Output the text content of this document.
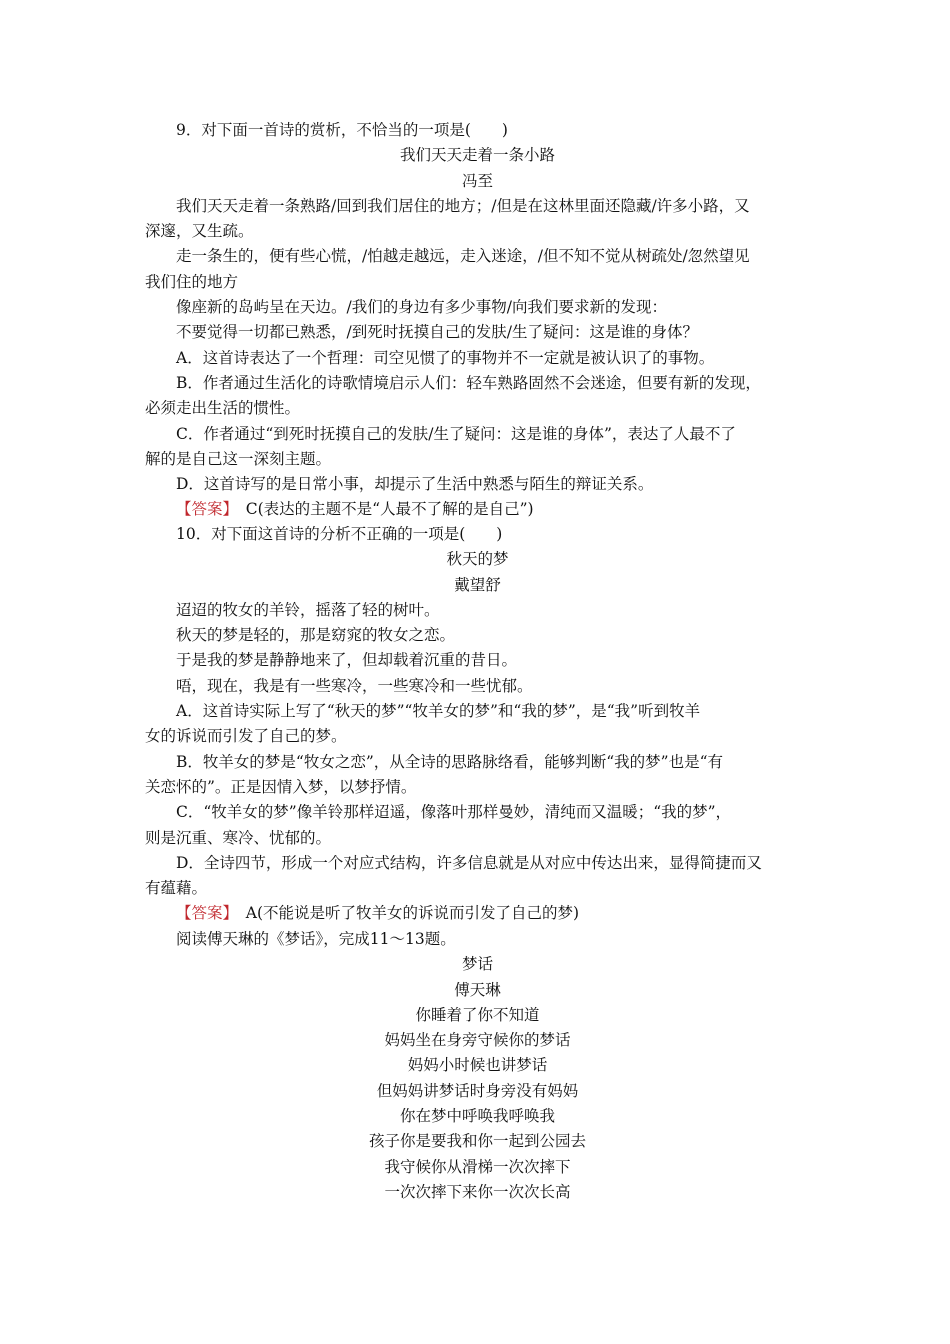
9．对下面一首诗的赏析，不恰当的一项是(　　)
我们天天走着一条小路
冯至
我们天天走着一条熟路/回到我们居住的地方；/但是在这林里面还隐藏/许多小路，又
深邃，又生疏。
走一条生的，便有些心慌，/怕越走越远，走入迷途，/但不知不觉从树疏处/忽然望见
我们住的地方
像座新的岛屿呈在天边。/我们的身边有多少事物/向我们要求新的发现：
不要觉得一切都已熟悉，/到死时抚摸自己的发肤/生了疑问：这是谁的身体？
A．这首诗表达了一个哲理：司空见惯了的事物并不一定就是被认识了的事物。
B．作者通过生活化的诗歌情境启示人们：轻车熟路固然不会迷途，但要有新的发现，
必须走出生活的惯性。
C．作者通过“到死时抚摸自己的发肤/生了疑问：这是谁的身体”，表达了人最不了
解的是自己这一深刻主题。
D．这首诗写的是日常小事，却提示了生活中熟悉与陌生的辩证关系。
【答案】　C(表达的主题不是“人最不了解的是自己”)
10．对下面这首诗的分析不正确的一项是(　　)
秋天的梦
戴望舒
迢迢的牧女的羊铃，摇落了轻的树叶。
秋天的梦是轻的，那是窈窕的牧女之恋。
于是我的梦是静静地来了，但却载着沉重的昔日。
唔，现在，我是有一些寒冷，一些寒冷和一些忧郁。
A．这首诗实际上写了“秋天的梦”“牧羊女的梦”和“我的梦”，是“我”听到牧羊
女的诉说而引发了自己的梦。
B．牧羊女的梦是“牧女之恋”，从全诗的思路脉络看，能够判断“我的梦”也是“有
关恋怀的”。正是因情入梦，以梦抒情。
C．“牧羊女的梦”像羊铃那样迢遥，像落叶那样曼妙，清纯而又温暖；“我的梦”，
则是沉重、寒冷、忧郁的。
D．全诗四节，形成一个对应式结构，许多信息就是从对应中传达出来，显得简捷而又
有蕴藉。
【答案】　A(不能说是听了牧羊女的诉说而引发了自己的梦)
阅读傅天琳的《梦话》，完成11～13题。
梦话
傅天琳
你睡着了你不知道
妈妈坐在身旁守候你的梦话
妈妈小时候也讲梦话
但妈妈讲梦话时身旁没有妈妈
你在梦中呼唤我呼唤我
孩子你是要我和你一起到公园去
我守候你从滑梯一次次摔下
一次次摔下来你一次次长高
